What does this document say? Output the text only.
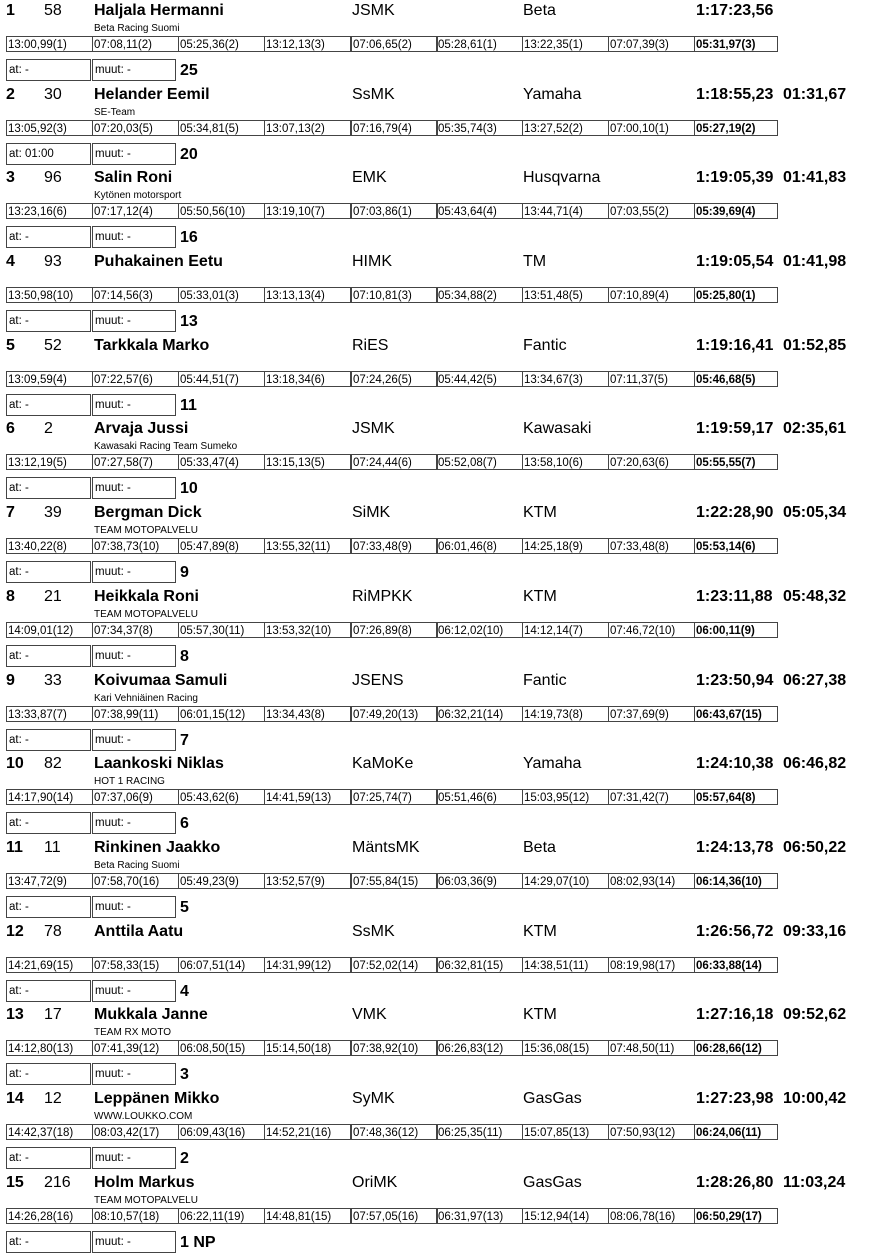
1 58 Haljala Hermanni	JSMK	Beta	1:17:23,56
Beta Racing Suomi
13:00,99(1)	07:08,11(2)	05:25,36(2)	13:12,13(3)	07:06,65(2)	05:28,61(1)	13:22,35(1)	07:07,39(3)	05:31,97(3)
at: -	muut: -	25
2 30 Helander Eemil	SsMK	Yamaha	1:18:55,23 01:31,67
SE-Team
13:05,92(3)	07:20,03(5)	05:34,81(5)	13:07,13(2)	07:16,79(4)	05:35,74(3)	13:27,52(2)	07:00,10(1)	05:27,19(2)
at: 01:00	muut: -	20
3 96 Salin Roni	EMK	Husqvarna	1:19:05,39 01:41,83
Kytönen motorsport
13:23,16(6)	07:17,12(4)	05:50,56(10)	13:19,10(7)	07:03,86(1)	05:43,64(4)	13:44,71(4)	07:03,55(2)	05:39,69(4)
at: -	muut: -	16
4 93 Puhakainen Eetu	HIMK	TM	1:19:05,54 01:41,98
13:50,98(10)	07:14,56(3)	05:33,01(3)	13:13,13(4)	07:10,81(3)	05:34,88(2)	13:51,48(5)	07:10,89(4)	05:25,80(1)
at: -	muut: -	13
5 52 Tarkkala Marko	RiES	Fantic	1:19:16,41 01:52,85
13:09,59(4)	07:22,57(6)	05:44,51(7)	13:18,34(6)	07:24,26(5)	05:44,42(5)	13:34,67(3)	07:11,37(5)	05:46,68(5)
at: -	muut: -	11
6 2	Arvaja Jussi	JSMK	Kawasaki	1:19:59,17 02:35,61
Kawasaki Racing Team Sumeko
13:12,19(5)	07:27,58(7)	05:33,47(4)	13:15,13(5)	07:24,44(6)	05:52,08(7)	13:58,10(6)	07:20,63(6)	05:55,55(7)
at: -	muut: -	10
7 39 Bergman Dick	SiMK	KTM	1:22:28,90 05:05,34
TEAM MOTOPALVELU
13:40,22(8)	07:38,73(10)	05:47,89(8)	13:55,32(11)	07:33,48(9)	06:01,46(8)	14:25,18(9)	07:33,48(8)	05:53,14(6)
at: -	muut: -	9
8 21 Heikkala Roni	RiMPKK	KTM	1:23:11,88 05:48,32
TEAM MOTOPALVELU
14:09,01(12)	07:34,37(8)	05:57,30(11)	13:53,32(10)	07:26,89(8)	06:12,02(10)	14:12,14(7)	07:46,72(10)	06:00,11(9)
at: -	muut: -	8
9 33 Koivumaa Samuli	JSENS	Fantic	1:23:50,94 06:27,38
Kari Vehniäinen Racing
13:33,87(7)	07:38,99(11)	06:01,15(12)	13:34,43(8)	07:49,20(13)	06:32,21(14)	14:19,73(8)	07:37,69(9)	06:43,67(15)
at: -	muut: -	7
10 82 Laankoski Niklas	KaMoKe	Yamaha	1:24:10,38 06:46,82
HOT 1 RACING
14:17,90(14)	07:37,06(9)	05:43,62(6)	14:41,59(13)	07:25,74(7)	05:51,46(6)	15:03,95(12)	07:31,42(7)	05:57,64(8)
at: -	muut: -	6
11 11 Rinkinen Jaakko	MäntsMK	Beta	1:24:13,78 06:50,22
Beta Racing Suomi
13:47,72(9)	07:58,70(16)	05:49,23(9)	13:52,57(9)	07:55,84(15)	06:03,36(9)	14:29,07(10)	08:02,93(14)	06:14,36(10)
at: -	muut: -	5
12 78 Anttila Aatu	SsMK	KTM	1:26:56,72 09:33,16
14:21,69(15)	07:58,33(15)	06:07,51(14)	14:31,99(12)	07:52,02(14)	06:32,81(15)	14:38,51(11)	08:19,98(17)	06:33,88(14)
at: -	muut: -	4
13 17 Mukkala Janne	VMK	KTM	1:27:16,18 09:52,62
TEAM RX MOTO
14:12,80(13)	07:41,39(12)	06:08,50(15)	15:14,50(18)	07:38,92(10)	06:26,83(12)	15:36,08(15)	07:48,50(11)	06:28,66(12)
at: -	muut: -	3
14 12 Leppänen Mikko	SyMK	GasGas	1:27:23,98 10:00,42
WWW.LOUKKO.COM
14:42,37(18)	08:03,42(17)	06:09,43(16)	14:52,21(16)	07:48,36(12)	06:25,35(11)	15:07,85(13)	07:50,93(12)	06:24,06(11)
at: -	muut: -	2
15 216 Holm Markus	OriMK	GasGas	1:28:26,80 11:03,24
TEAM MOTOPALVELU
14:26,28(16)	08:10,57(18)	06:22,11(19)	14:48,81(15)	07:57,05(16)	06:31,97(13)	15:12,94(14)	08:06,78(16)	06:50,29(17)
at: -	muut: -	1 NP
